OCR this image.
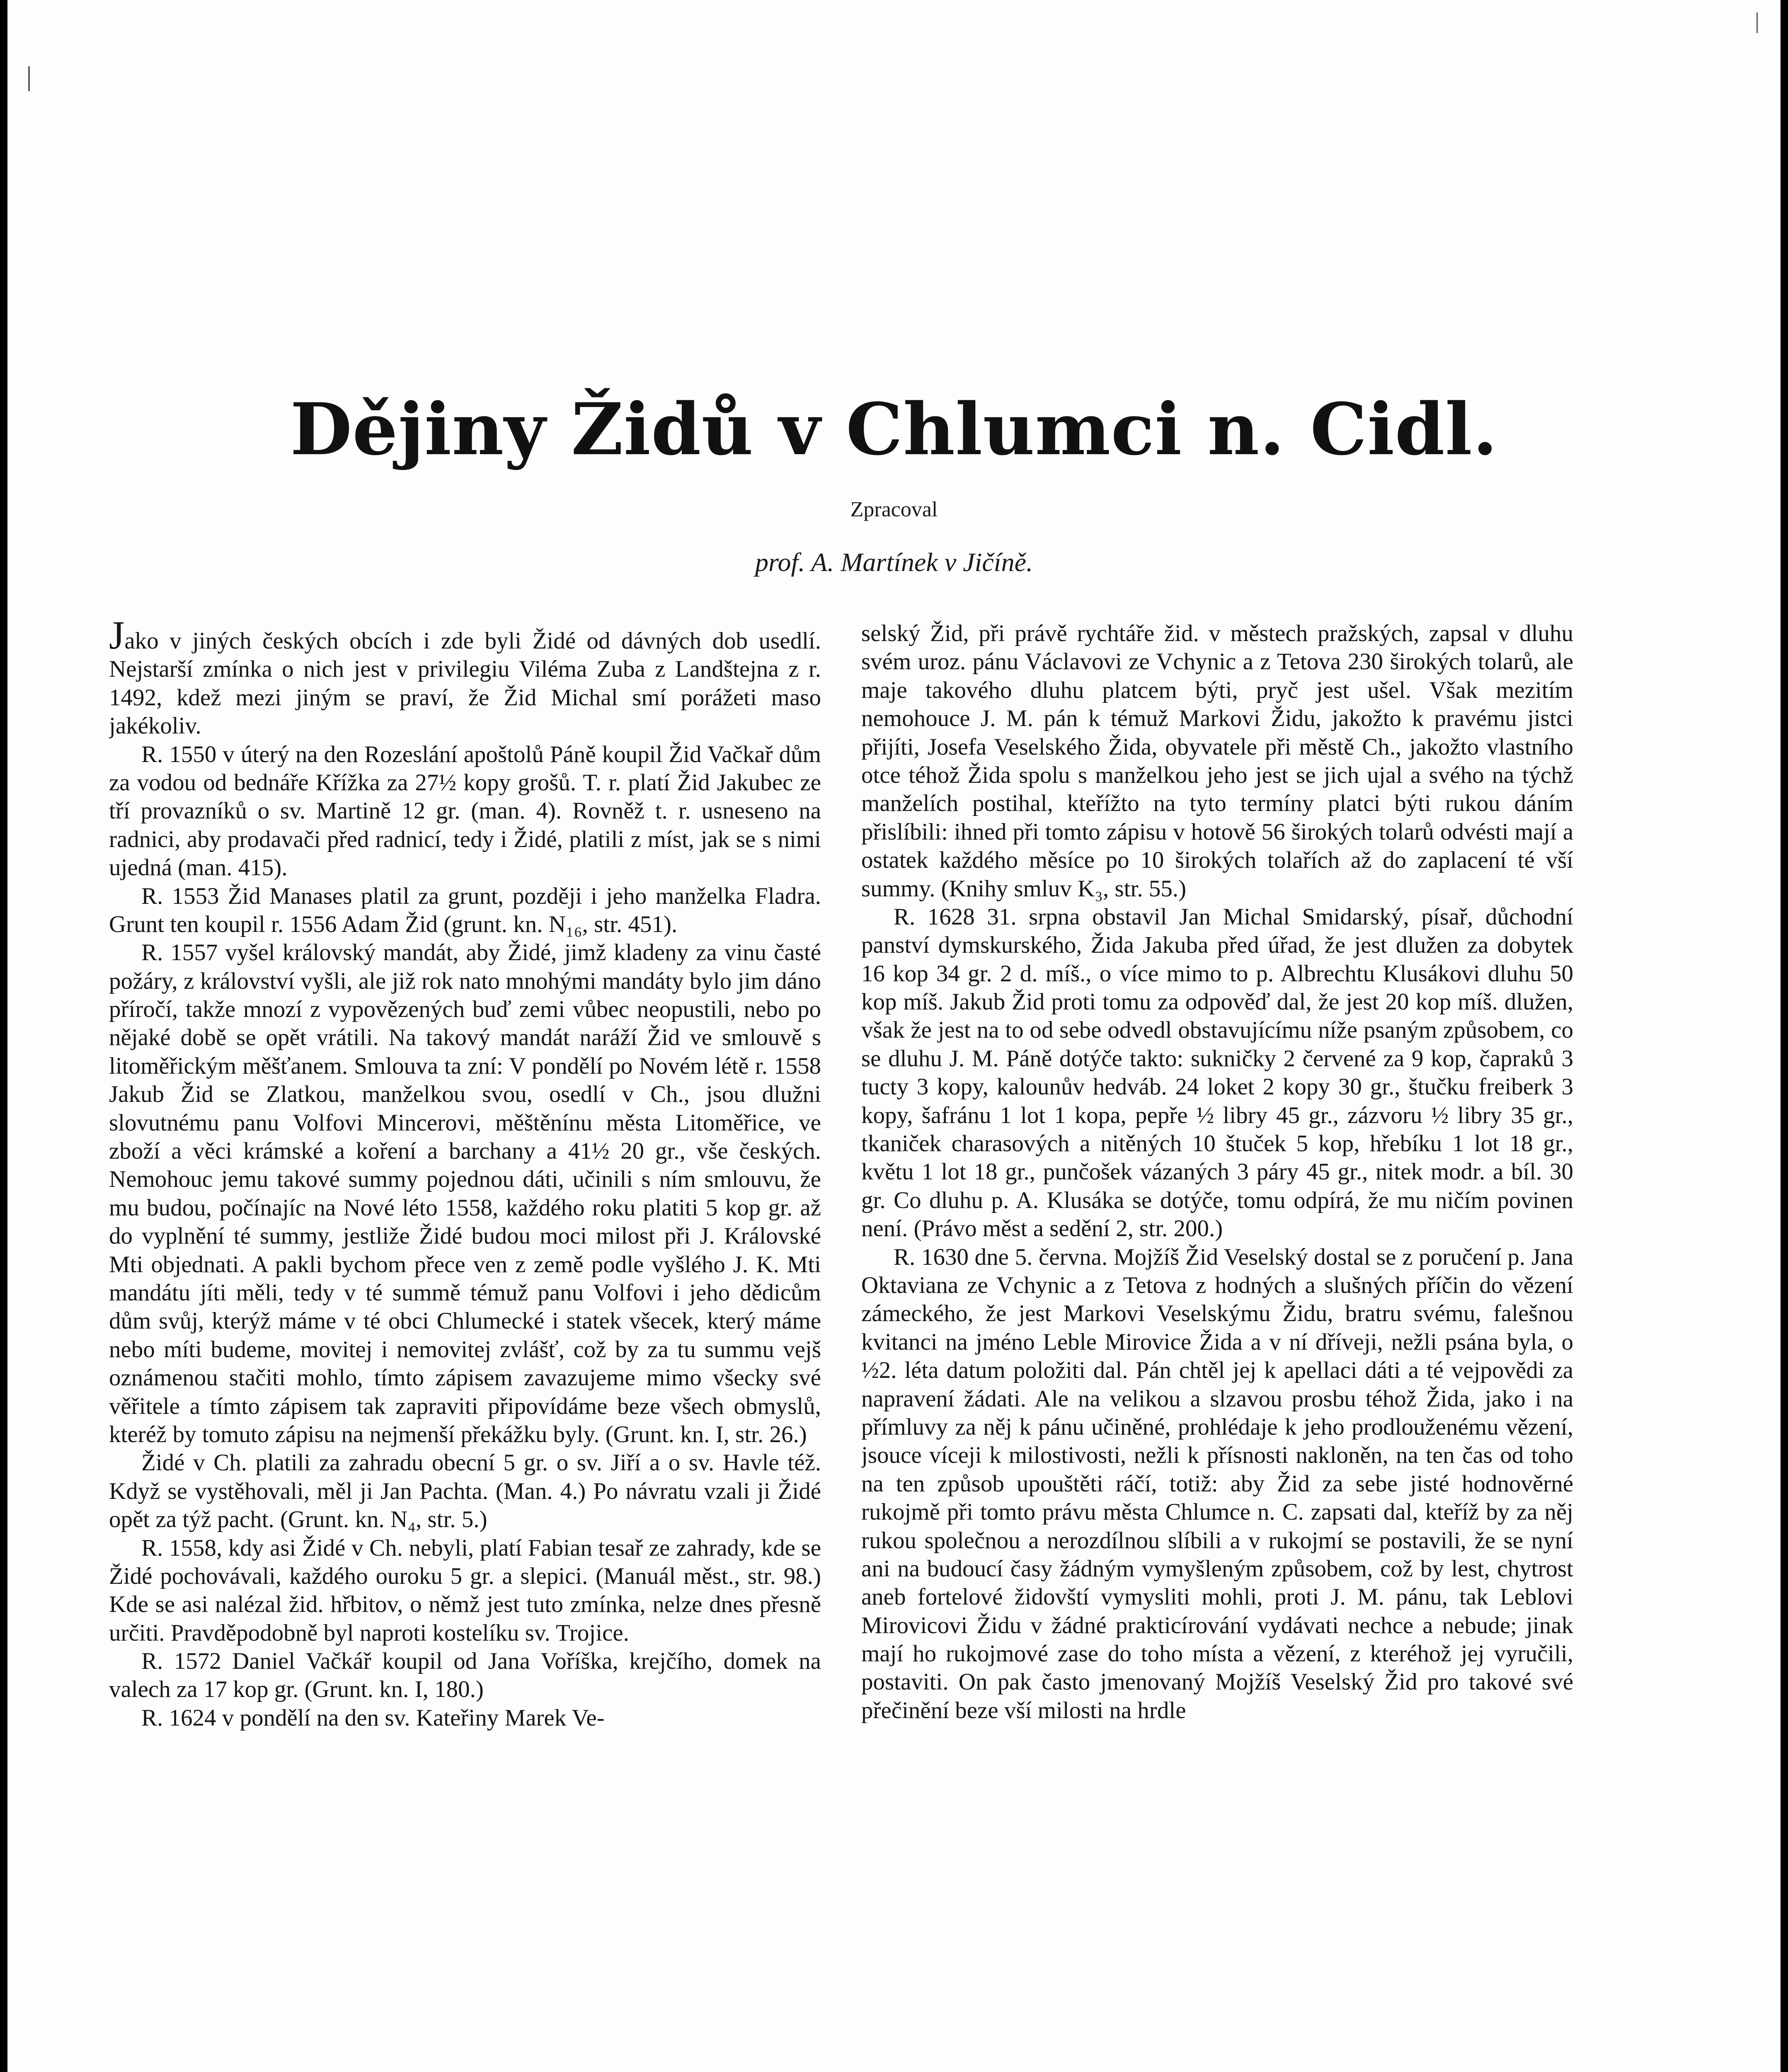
Dějiny Židů v Chlumci n. Cidl.

Zpracoval

prof. A. Martínek v Jičíně.

Jako v jiných českých obcích i zde byli Židé od dávných dob usedlí. Nejstarší zmínka o nich jest v privilegiu Viléma Zuba z Landštejna z r. 1492, kdež mezi jiným se praví, že Žid Michal smí porážeti maso jakékoliv.

R. 1550 v úterý na den Rozeslání apoštolů Páně koupil Žid Vačkař dům za vodou od bednáře Křížka za 27½ kopy grošů. T. r. platí Žid Jakubec ze tří provazníků o sv. Martině 12 gr. (man. 4). Rovněž t. r. usneseno na radnici, aby prodavači před radnicí, tedy i Židé, platili z míst, jak se s nimi ujedná (man. 415).

R. 1553 Žid Manases platil za grunt, později i jeho manželka Fladra. Grunt ten koupil r. 1556 Adam Žid (grunt. kn. N₁₆, str. 451).

R. 1557 vyšel královský mandát, aby Židé, jimž kladeny za vinu časté požáry, z království vyšli, ale již rok nato mnohými mandáty bylo jim dáno příročí, takže mnozí z vypovězených buď zemi vůbec neopustili, nebo po nějaké době se opět vrátili. Na takový mandát naráží Žid ve smlouvě s litoměřickým měšťanem. Smlouva ta zní: V pondělí po Novém létě r. 1558 Jakub Žid se Zlatkou, manželkou svou, osedlí v Ch., jsou dlužni slovutnému panu Volfovi Mincerovi, měštěnínu města Litoměřice, ve zboží a věci krámské a koření a barchany a 41½ 20 gr., vše českých. Nemohouc jemu takové summy pojednou dáti, učinili s ním smlouvu, že mu budou, počínajíc na Nové léto 1558, každého roku platiti 5 kop gr. až do vyplnění té summy, jestliže Židé budou moci milost při J. Královské Mti objednati. A pakli bychom přece ven z země podle vyšlého J. K. Mti mandátu jíti měli, tedy v té summě témuž panu Volfovi i jeho dědicům dům svůj, kterýž máme v té obci Chlumecké i statek všecek, který máme nebo míti budeme, movitej i nemovitej zvlášť, což by za tu summu vejš oznámenou stačiti mohlo, tímto zápisem zavazujeme mimo všecky své věřitele a tímto zápisem tak zapraviti připovídáme beze všech obmyslů, kteréž by tomuto zápisu na nejmenší překážku byly. (Grunt. kn. I, str. 26.)

Židé v Ch. platili za zahradu obecní 5 gr. o sv. Jiří a o sv. Havle též. Když se vystěhovali, měl ji Jan Pachta. (Man. 4.) Po návratu vzali ji Židé opět za týž pacht. (Grunt. kn. N₄, str. 5.)

R. 1558, kdy asi Židé v Ch. nebyli, platí Fabian tesař ze zahrady, kde se Židé pochovávali, každého ouroku 5 gr. a slepici. (Manuál měst., str. 98.) Kde se asi nalézal žid. hřbitov, o němž jest tuto zmínka, nelze dnes přesně určiti. Pravděpodobně byl naproti kostelíku sv. Trojice.

R. 1572 Daniel Vačkář koupil od Jana Voříška, krejčího, domek na valech za 17 kop gr. (Grunt. kn. I, 180.)

R. 1624 v pondělí na den sv. Kateřiny Marek Ve-

selský Žid, při právě rychtáře žid. v městech pražských, zapsal v dluhu svém uroz. pánu Václavovi ze Vchynic a z Tetova 230 širokých tolarů, ale maje takového dluhu platcem býti, pryč jest ušel. Však mezitím nemohouce J. M. pán k témuž Markovi Židu, jakožto k pravému jistci přijíti, Josefa Veselského Žida, obyvatele při městě Ch., jakožto vlastního otce téhož Žida spolu s manželkou jeho jest se jich ujal a svého na týchž manželích postihal, kteřížto na tyto termíny platci býti rukou dáním přislíbili: ihned při tomto zápisu v hotově 56 širokých tolarů odvésti mají a ostatek každého měsíce po 10 širokých tolařích až do zaplacení té vší summy. (Knihy smluv K₃, str. 55.)

R. 1628 31. srpna obstavil Jan Michal Smidarský, písař, důchodní panství dymskurského, Žida Jakuba před úřad, že jest dlužen za dobytek 16 kop 34 gr. 2 d. míš., o více mimo to p. Albrechtu Klusákovi dluhu 50 kop míš. Jakub Žid proti tomu za odpověď dal, že jest 20 kop míš. dlužen, však že jest na to od sebe odvedl obstavujícímu níže psaným způsobem, co se dluhu J. M. Páně dotýče takto: sukničky 2 červené za 9 kop, čapraků 3 tucty 3 kopy, kalounův hedváb. 24 loket 2 kopy 30 gr., štučku freiberk 3 kopy, šafránu 1 lot 1 kopa, pepře ½ libry 45 gr., zázvoru ½ libry 35 gr., tkaniček charasových a nitěných 10 štuček 5 kop, hřebíku 1 lot 18 gr., květu 1 lot 18 gr., punčošek vázaných 3 páry 45 gr., nitek modr. a bíl. 30 gr. Co dluhu p. A. Klusáka se dotýče, tomu odpírá, že mu ničím povinen není. (Právo měst a sedění 2, str. 200.)

R. 1630 dne 5. června. Mojžíš Žid Veselský dostal se z poručení p. Jana Oktaviana ze Vchynic a z Tetova z hodných a slušných příčin do vězení zámeckého, že jest Markovi Veselskýmu Židu, bratru svému, falešnou kvitanci na jméno Leble Mirovice Žida a v ní dříveji, nežli psána byla, o ½2. léta datum položiti dal. Pán chtěl jej k apellaci dáti a té vejpovědi za napravení žádati. Ale na velikou a slzavou prosbu téhož Žida, jako i na přímluvy za něj k pánu učiněné, prohlédaje k jeho prodlouženému vězení, jsouce víceji k milostivosti, nežli k přísnosti nakloněn, na ten čas od toho na ten způsob upouštěti ráčí, totiž: aby Žid za sebe jisté hodnověrné rukojmě při tomto právu města Chlumce n. C. zapsati dal, kteříž by za něj rukou společnou a nerozdílnou slíbili a v rukojmí se postavili, že se nyní ani na budoucí časy žádným vymyšleným způsobem, což by lest, chytrost aneb fortelové židovští vymysliti mohli, proti J. M. pánu, tak Leblovi Mirovicovi Židu v žádné prakticírování vydávati nechce a nebude; jinak mají ho rukojmové zase do toho místa a vězení, z kteréhož jej vyručili, postaviti. On pak často jmenovaný Mojžíš Veselský Žid pro takové své přečinění beze vší milosti na hrdle
